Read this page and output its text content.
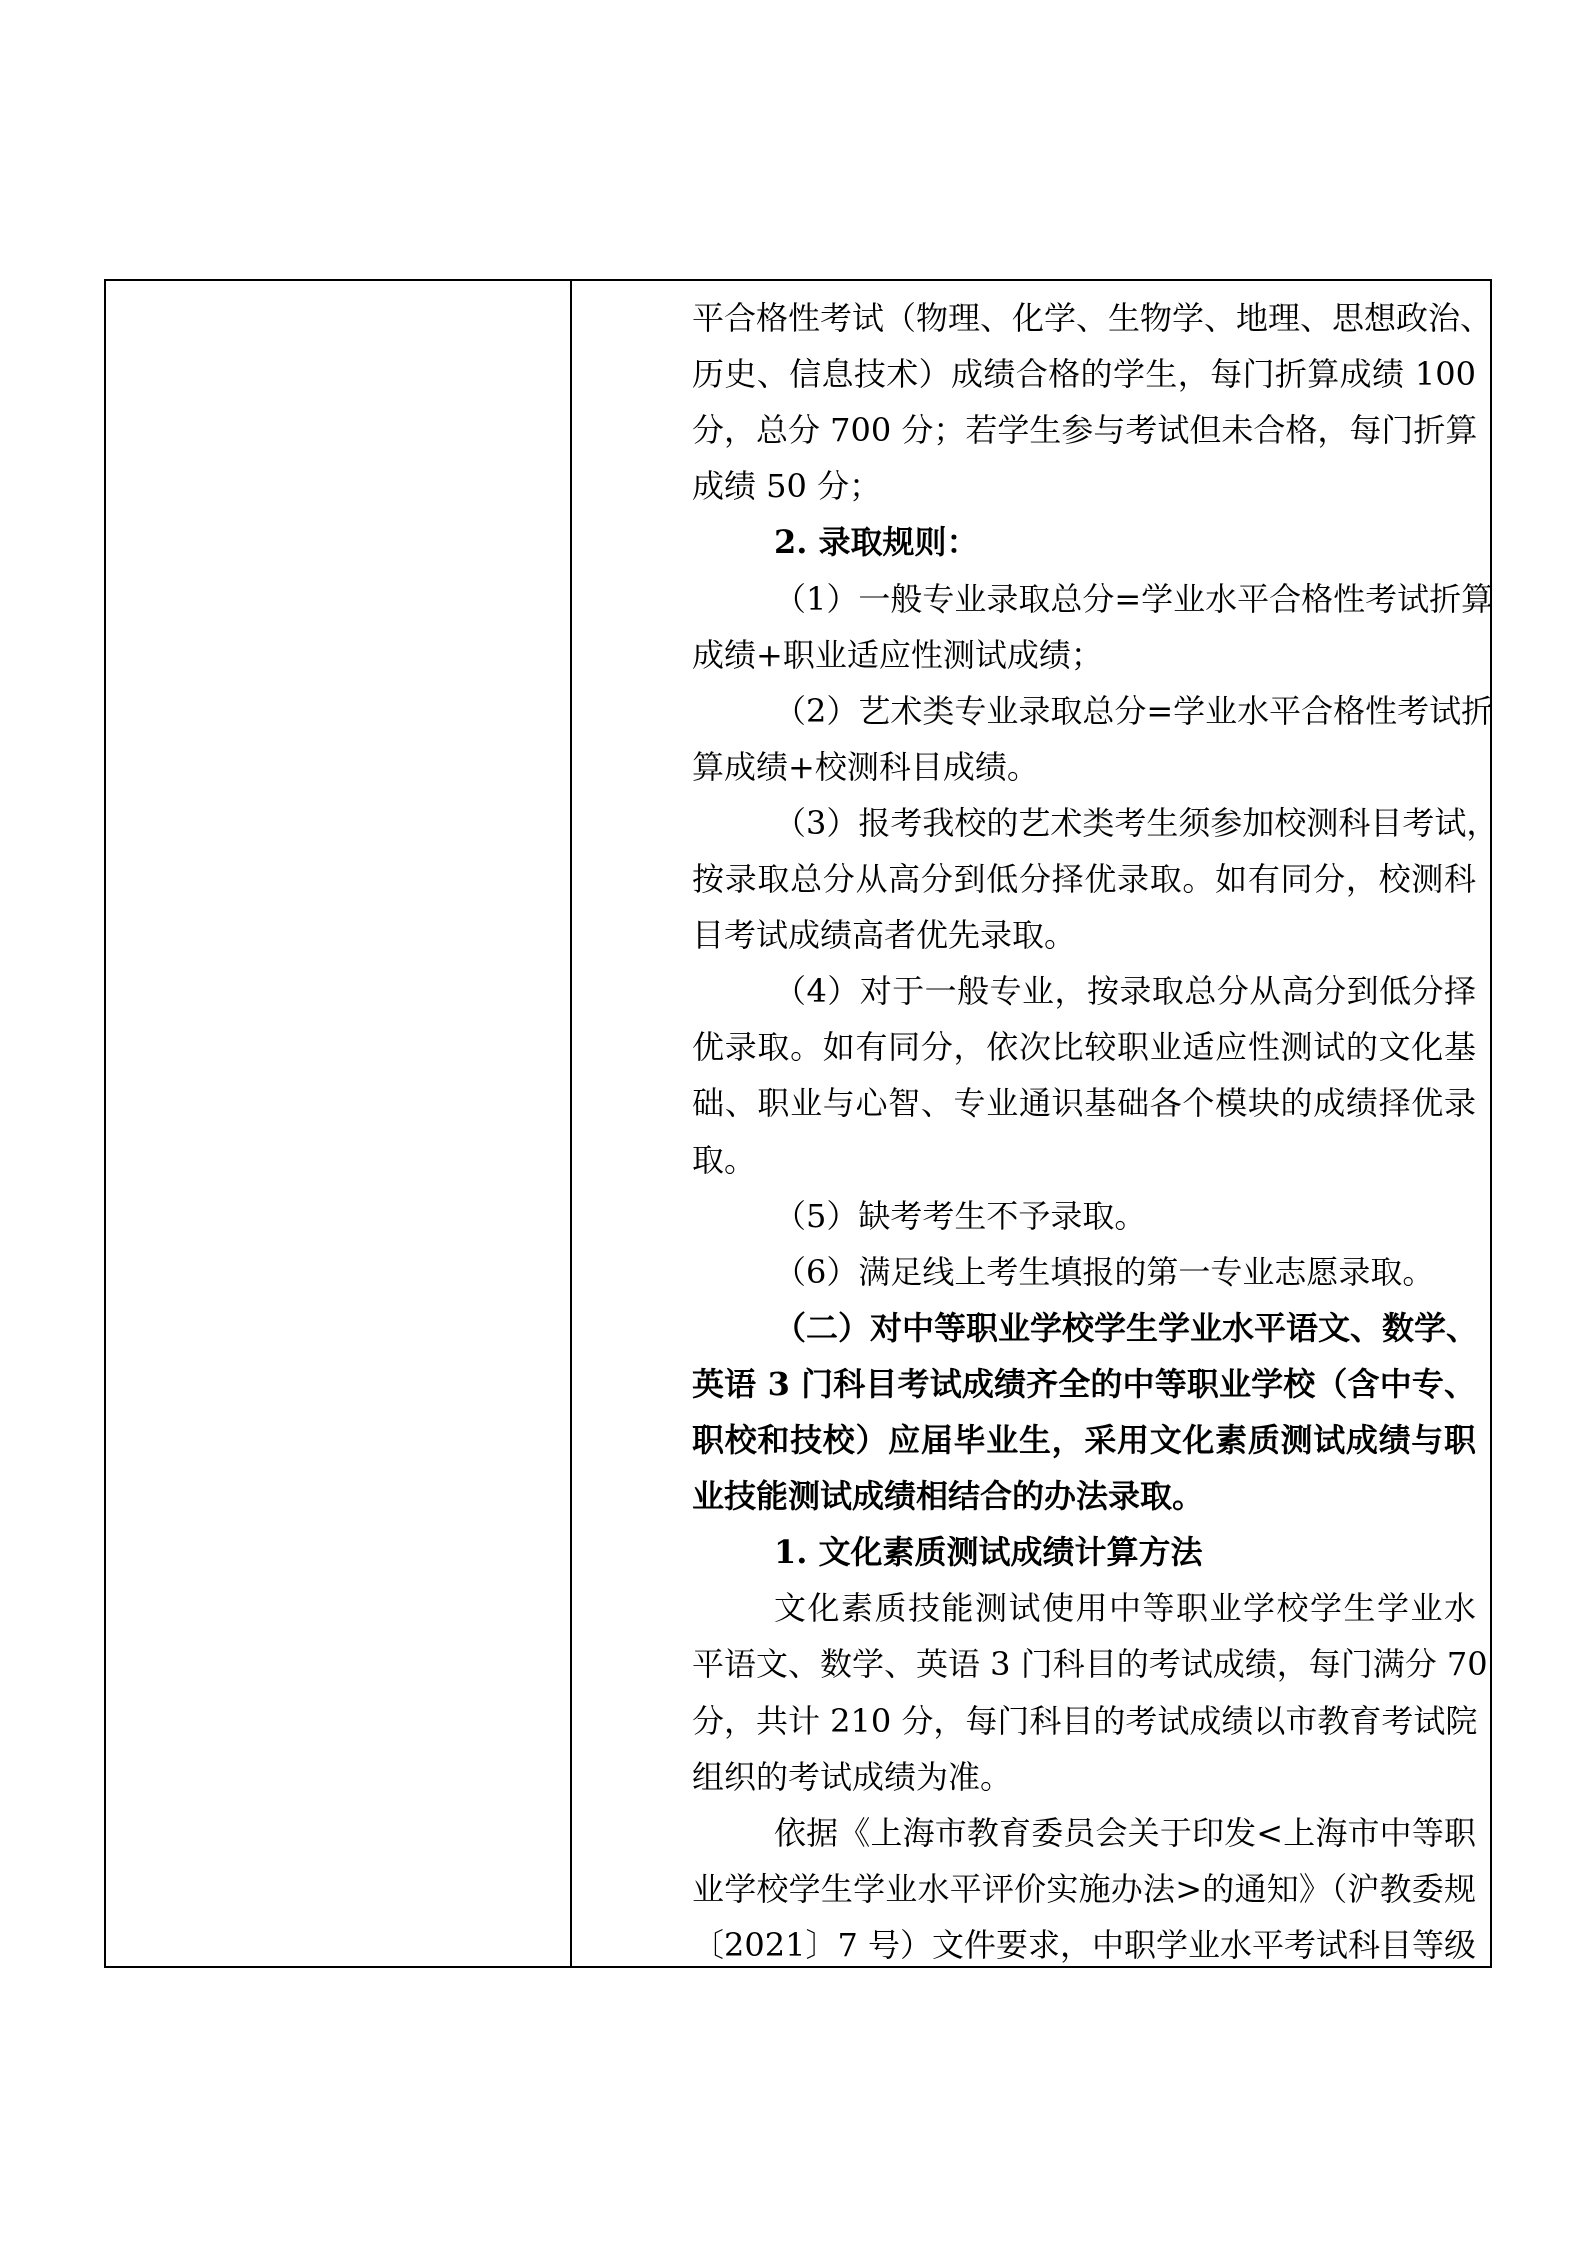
平合格性考试（物理、化学、生物学、地理、思想政治、
历史、信息技术）成绩合格的学生，每门折算成绩 100
分，总分 700 分；若学生参与考试但未合格，每门折算
成绩 50 分；
2. 录取规则：
（1）一般专业录取总分=学业水平合格性考试折算
成绩+职业适应性测试成绩；
（2）艺术类专业录取总分=学业水平合格性考试折
算成绩+校测科目成绩。
（3）报考我校的艺术类考生须参加校测科目考试，
按录取总分从高分到低分择优录取。如有同分，校测科
目考试成绩高者优先录取。
（4）对于一般专业，按录取总分从高分到低分择
优录取。如有同分，依次比较职业适应性测试的文化基
础、职业与心智、专业通识基础各个模块的成绩择优录
取。
（5）缺考考生不予录取。
（6）满足线上考生填报的第一专业志愿录取。
（二）对中等职业学校学生学业水平语文、数学、
英语 3 门科目考试成绩齐全的中等职业学校（含中专、
职校和技校）应届毕业生，采用文化素质测试成绩与职
业技能测试成绩相结合的办法录取。
1. 文化素质测试成绩计算方法
文化素质技能测试使用中等职业学校学生学业水
平语文、数学、英语 3 门科目的考试成绩，每门满分 70
分，共计 210 分，每门科目的考试成绩以市教育考试院
组织的考试成绩为准。
依据《上海市教育委员会关于印发<上海市中等职
业学校学生学业水平评价实施办法>的通知》（沪教委规
〔2021〕7 号）文件要求，中职学业水平考试科目等级
